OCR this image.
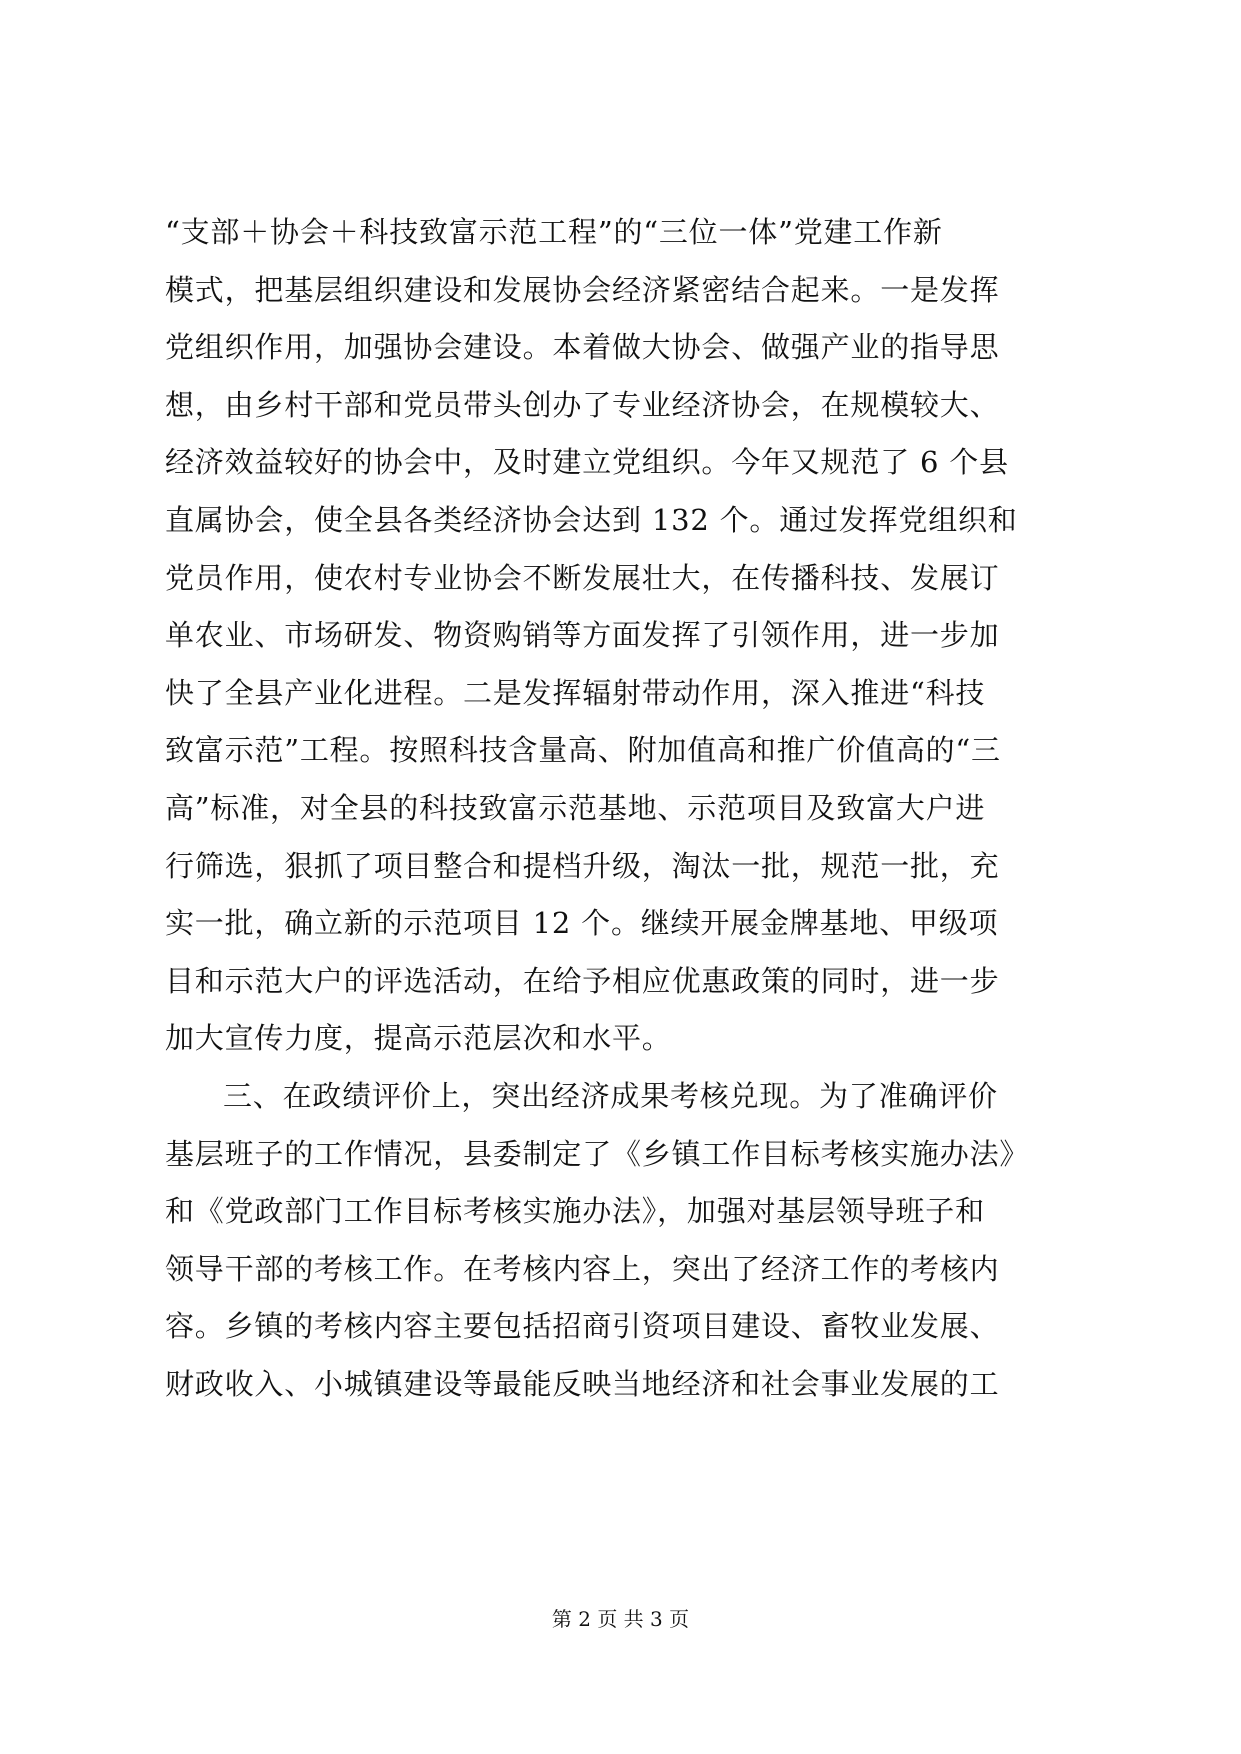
“支部＋协会＋科技致富示范工程”的“三位一体”党建工作新
模式，把基层组织建设和发展协会经济紧密结合起来。一是发挥
党组织作用，加强协会建设。本着做大协会、做强产业的指导思
想，由乡村干部和党员带头创办了专业经济协会，在规模较大、
经济效益较好的协会中，及时建立党组织。今年又规范了 6 个县
直属协会，使全县各类经济协会达到 132 个。通过发挥党组织和
党员作用，使农村专业协会不断发展壮大，在传播科技、发展订
单农业、市场研发、物资购销等方面发挥了引领作用，进一步加
快了全县产业化进程。二是发挥辐射带动作用，深入推进“科技
致富示范”工程。按照科技含量高、附加值高和推广价值高的“三
高”标准，对全县的科技致富示范基地、示范项目及致富大户进
行筛选，狠抓了项目整合和提档升级，淘汰一批，规范一批，充
实一批，确立新的示范项目 12 个。继续开展金牌基地、甲级项
目和示范大户的评选活动，在给予相应优惠政策的同时，进一步
加大宣传力度，提高示范层次和水平。
三、在政绩评价上，突出经济成果考核兑现。为了准确评价
基层班子的工作情况，县委制定了《乡镇工作目标考核实施办法》
和《党政部门工作目标考核实施办法》，加强对基层领导班子和
领导干部的考核工作。在考核内容上，突出了经济工作的考核内
容。乡镇的考核内容主要包括招商引资项目建设、畜牧业发展、
财政收入、小城镇建设等最能反映当地经济和社会事业发展的工
第 2 页 共 3 页
